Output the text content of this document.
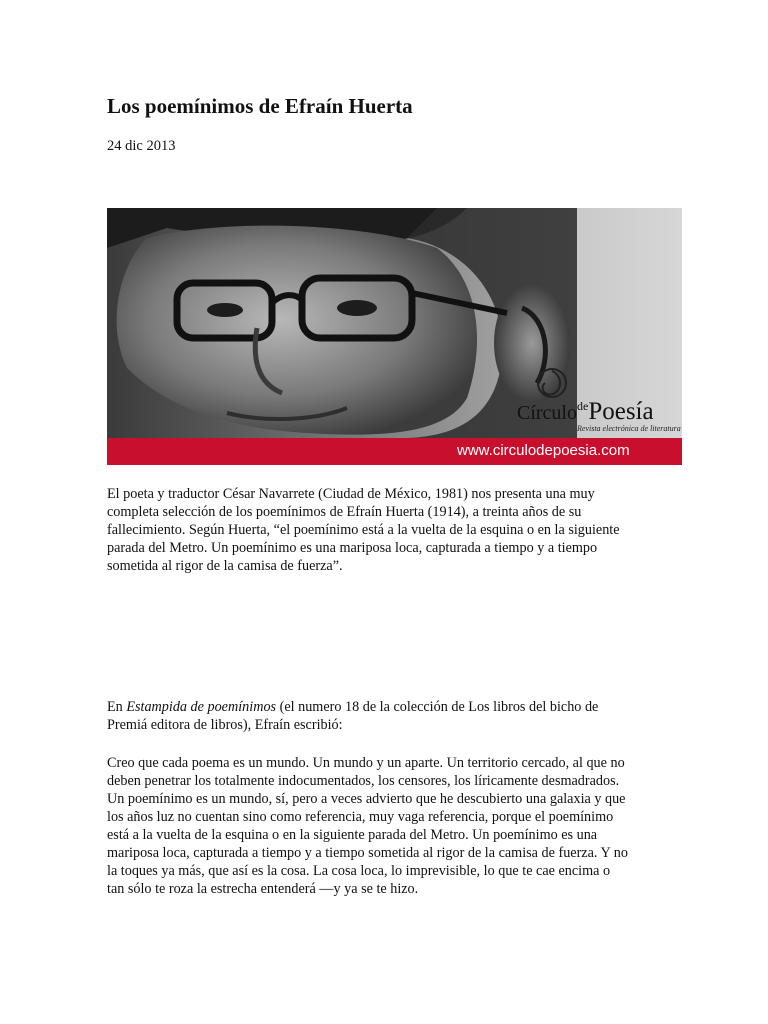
Los poemínimos de Efraín Huerta
24 dic 2013
Círculo$^{de}$Poesía
Revista electrónica de literatura
www.circulodepoesia.com

El poeta y traductor César Navarrete (Ciudad de México, 1981) nos presenta una muy
completa selección de los poemínimos de Efraín Huerta (1914), a treinta años de su
fallecimiento. Según Huerta, “el poemínimo está a la vuelta de la esquina o en la siguiente
parada del Metro. Un poemínimo es una mariposa loca, capturada a tiempo y a tiempo
sometida al rigor de la camisa de fuerza”.

En Estampida de poemínimos (el numero 18 de la colección de Los libros del bicho de
Premiá editora de libros), Efraín escribió:

Creo que cada poema es un mundo. Un mundo y un aparte. Un territorio cercado, al que no
deben penetrar los totalmente indocumentados, los censores, los líricamente desmadrados.
Un poemínimo es un mundo, sí, pero a veces advierto que he descubierto una galaxia y que
los años luz no cuentan sino como referencia, muy vaga referencia, porque el poemínimo
está a la vuelta de la esquina o en la siguiente parada del Metro. Un poemínimo es una
mariposa loca, capturada a tiempo y a tiempo sometida al rigor de la camisa de fuerza. Y no
la toques ya más, que así es la cosa. La cosa loca, lo imprevisible, lo que te cae encima o
tan sólo te roza la estrecha entenderá —y ya se te hizo.
